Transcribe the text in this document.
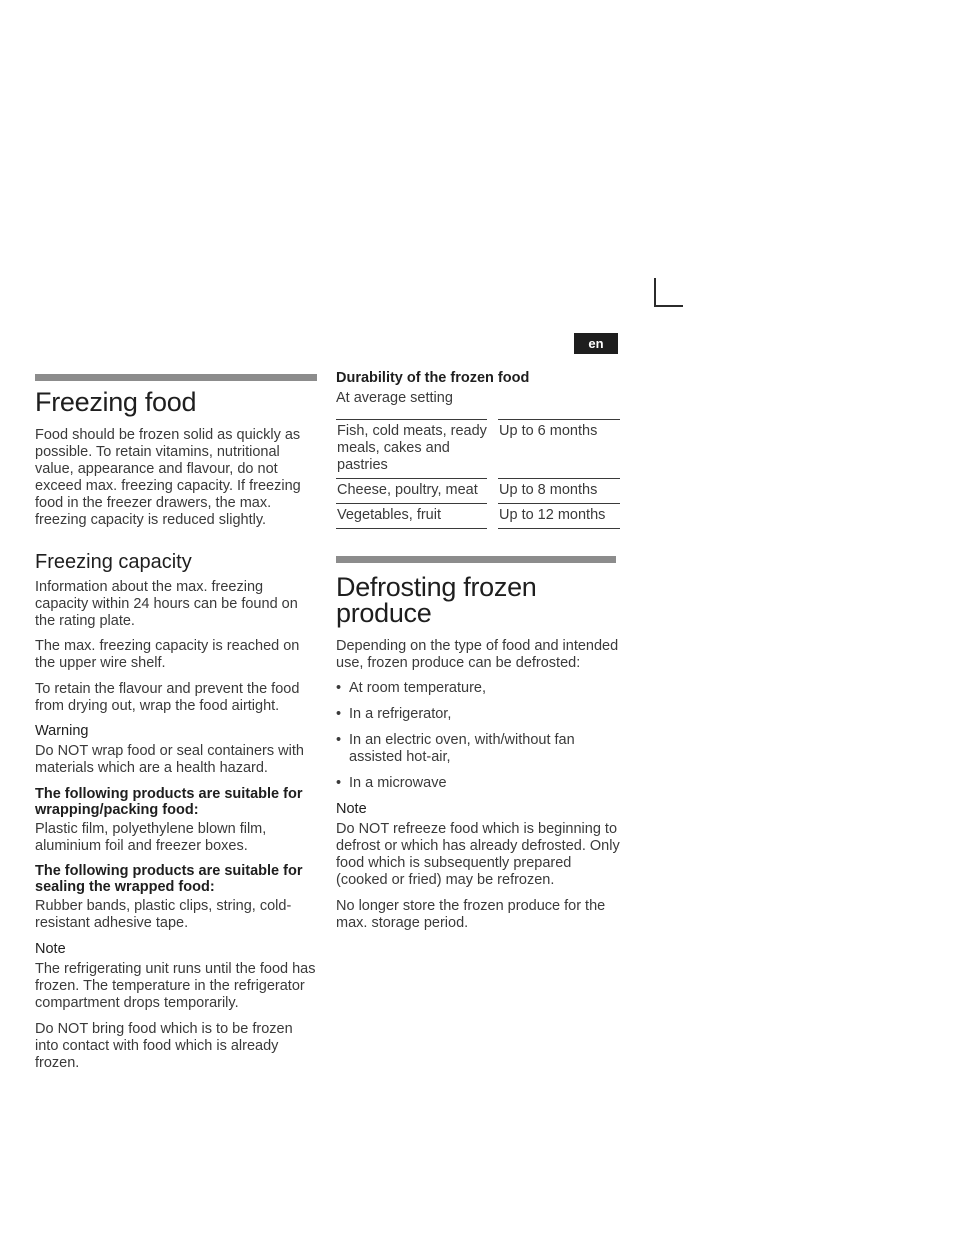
en
Freezing food

Food should be frozen solid as quickly as possible. To retain vitamins, nutritional value, appearance and flavour, do not exceed max. freezing capacity. If freezing food in the freezer drawers, the max. freezing capacity is reduced slightly.

Freezing capacity

Information about the max. freezing capacity within 24 hours can be found on the rating plate.

The max. freezing capacity is reached on the upper wire shelf.

To retain the flavour and prevent the food from drying out, wrap the food airtight.

Warning

Do NOT wrap food or seal containers with materials which are a health hazard.

The following products are suitable for wrapping/packing food:

Plastic film, polyethylene blown film, aluminium foil and freezer boxes.

The following products are suitable for sealing the wrapped food:

Rubber bands, plastic clips, string, cold-resistant adhesive tape.

Note

The refrigerating unit runs until the food has frozen. The temperature in the refrigerator compartment drops temporarily.

Do NOT bring food which is to be frozen into contact with food which is already frozen.

Durability of the frozen food

At average setting

Fish, cold meats, ready meals, cakes and pastries		Up to 6 months
Cheese, poultry, meat		Up to 8 months
Vegetables, fruit		Up to 12 months
Defrosting frozen produce

Depending on the type of food and intended use, frozen produce can be defrosted:

• At room temperature,
• In a refrigerator,
• In an electric oven, with/without fan assisted hot-air,
• In a microwave
Note

Do NOT refreeze food which is beginning to defrost or which has already defrosted. Only food which is subsequently prepared (cooked or fried) may be refrozen.

No longer store the frozen produce for the max. storage period.
